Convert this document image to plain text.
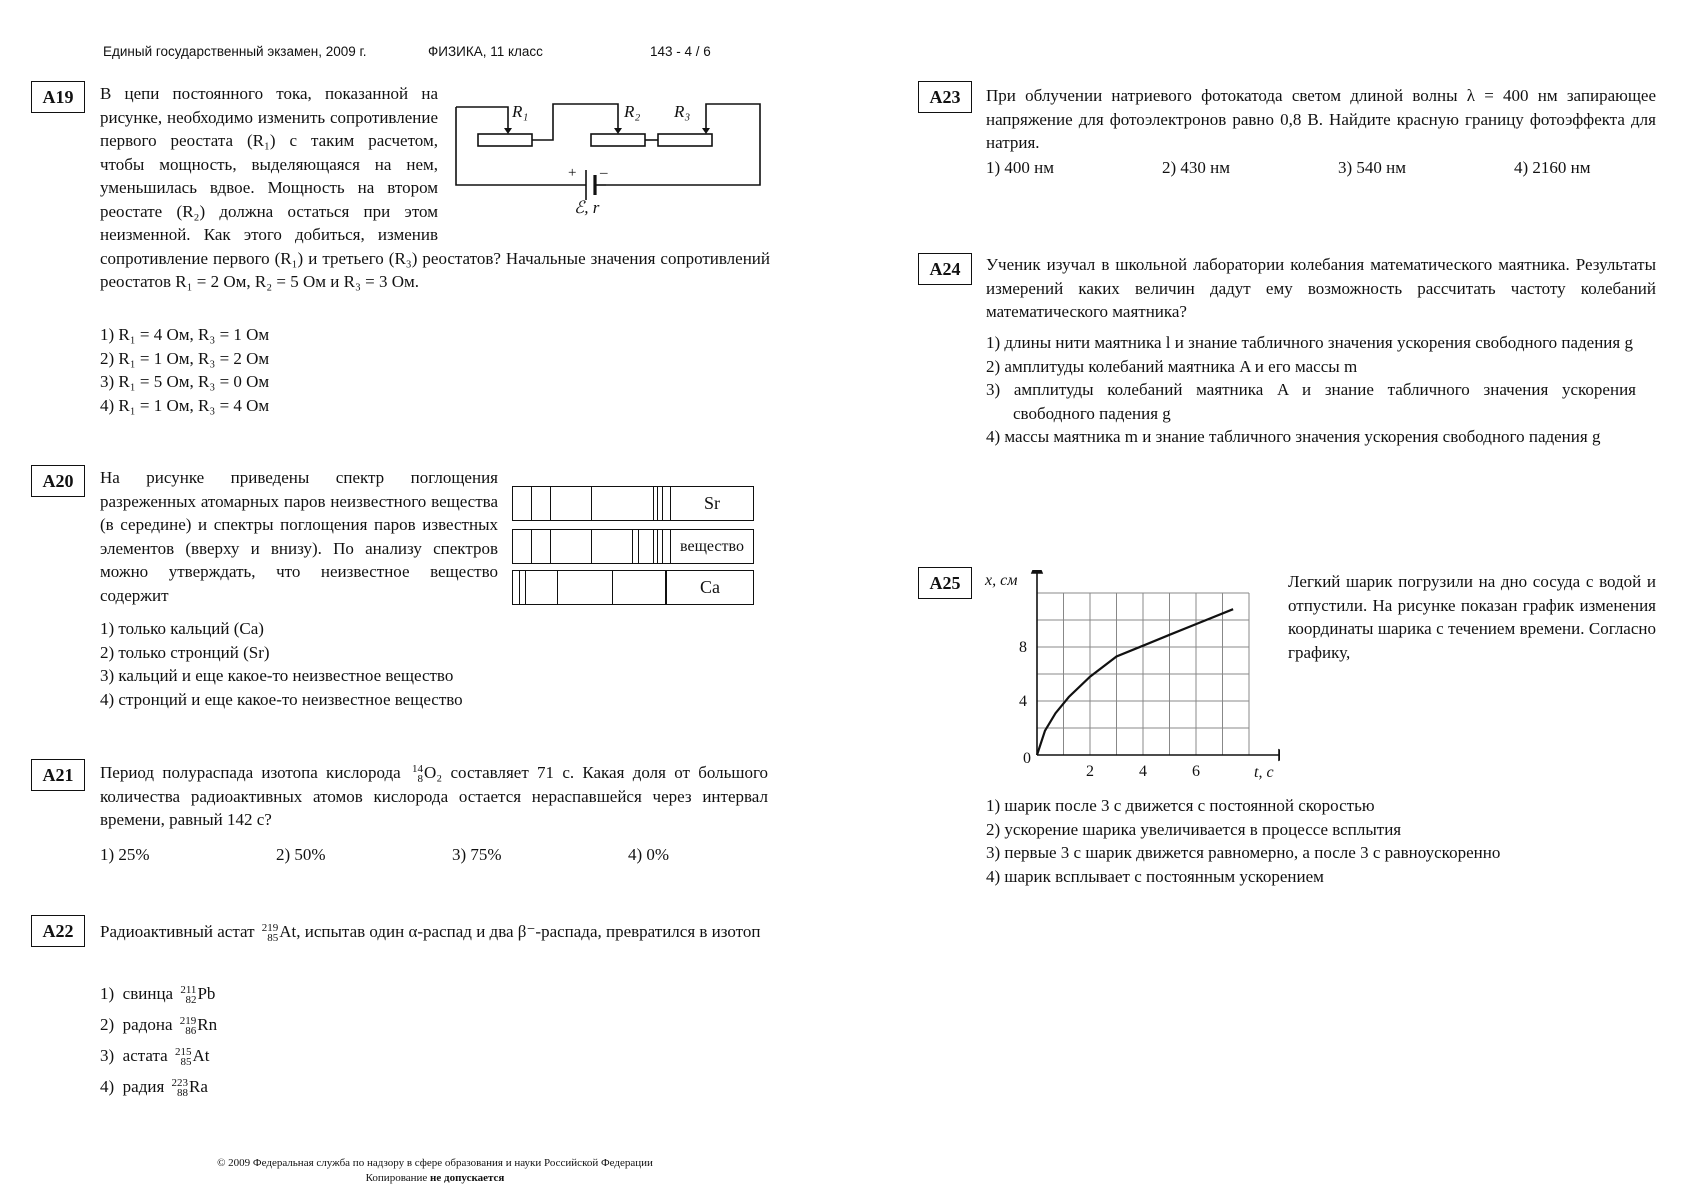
Единый государственный экзамен, 2009 г.	ФИЗИКА, 11 класс	143 - 4 / 6
A19
R₁	R₂ R₃
+ –
ℰ, r
В цепи постоянного тока, показанной на рисунке, необходимо изменить сопротивление первого реостата (R₁) с таким расчетом, чтобы мощность, выделяющаяся на нем, уменьшилась вдвое. Мощность на втором реостате (R₂) должна остаться при этом неизменной. Как этого добиться, изменив сопротивление первого (R₁) и третьего (R₃) реостатов? Начальные значения сопротивлений реостатов R₁ = 2 Ом, R₂ = 5 Ом и R₃ = 3 Ом.
1) R₁ = 4 Ом, R₃ = 1 Ом
2) R₁ = 1 Ом, R₃ = 2 Ом
3) R₁ = 5 Ом, R₃ = 0 Ом
4) R₁ = 1 Ом, R₃ = 4 Ом
A20	На рисунке приведены спектр поглощения разреженных атомарных паров неизвестного вещества (в середине) и спектры поглощения паров известных элементов (вверху и внизу). По анализу спектров можно утверждать, что неизвестное вещество содержит
Sr
вещество
Ca
1) только кальций (Ca)
2) только стронций (Sr)
3) кальций и еще какое-то неизвестное вещество
4) стронций и еще какое-то неизвестное вещество
A21	Период полураспада изотопа кислорода 14
8 O₂ составляет 71 с. Какая доля от большого количества радиоактивных атомов кислорода остается нераспавшейся через интервал времени, равный 142 с?
1) 25%	2) 50%	3) 75%	4) 0%
A22	Радиоактивный астат 219
85 At, испытав один α-распад и два β⁻-распада, превратился в изотоп
1) свинца 211
82 Pb
2) радона 219
86 Rn
3) астата 215
85 At
4) радия 223
88 Ra
A23	При облучении натриевого фотокатода светом длиной волны λ = 400 нм запирающее напряжение для фотоэлектронов равно 0,8 В. Найдите красную границу фотоэффекта для натрия.
1) 400 нм	2) 430 нм	3) 540 нм	4) 2160 нм
A24	Ученик изучал в школьной лаборатории колебания математического маятника. Результаты измерений каких величин дадут ему возможность рассчитать частоту колебаний математического маятника?
1) длины нити маятника l и знание табличного значения ускорения свободного падения g
2) амплитуды колебаний маятника A и его массы m
3) амплитуды колебаний маятника A и знание табличного значения ускорения свободного падения g
4) массы маятника m и знание табличного значения ускорения свободного падения g
A25
2	4	6
4
8
0
t, с
x, см	Легкий шарик погрузили на дно сосуда с водой и отпустили. На рисунке показан график изменения координаты шарика с течением времени. Согласно графику,
1) шарик после 3 с движется с постоянной скоростью
2) ускорение шарика увеличивается в процессе всплытия
3) первые 3 с шарик движется равномерно, а после 3 с равноускоренно
4) шарик всплывает с постоянным ускорением
© 2009 Федеральная служба по надзору в сфере образования и науки Российской Федерации
Копирование не допускается
